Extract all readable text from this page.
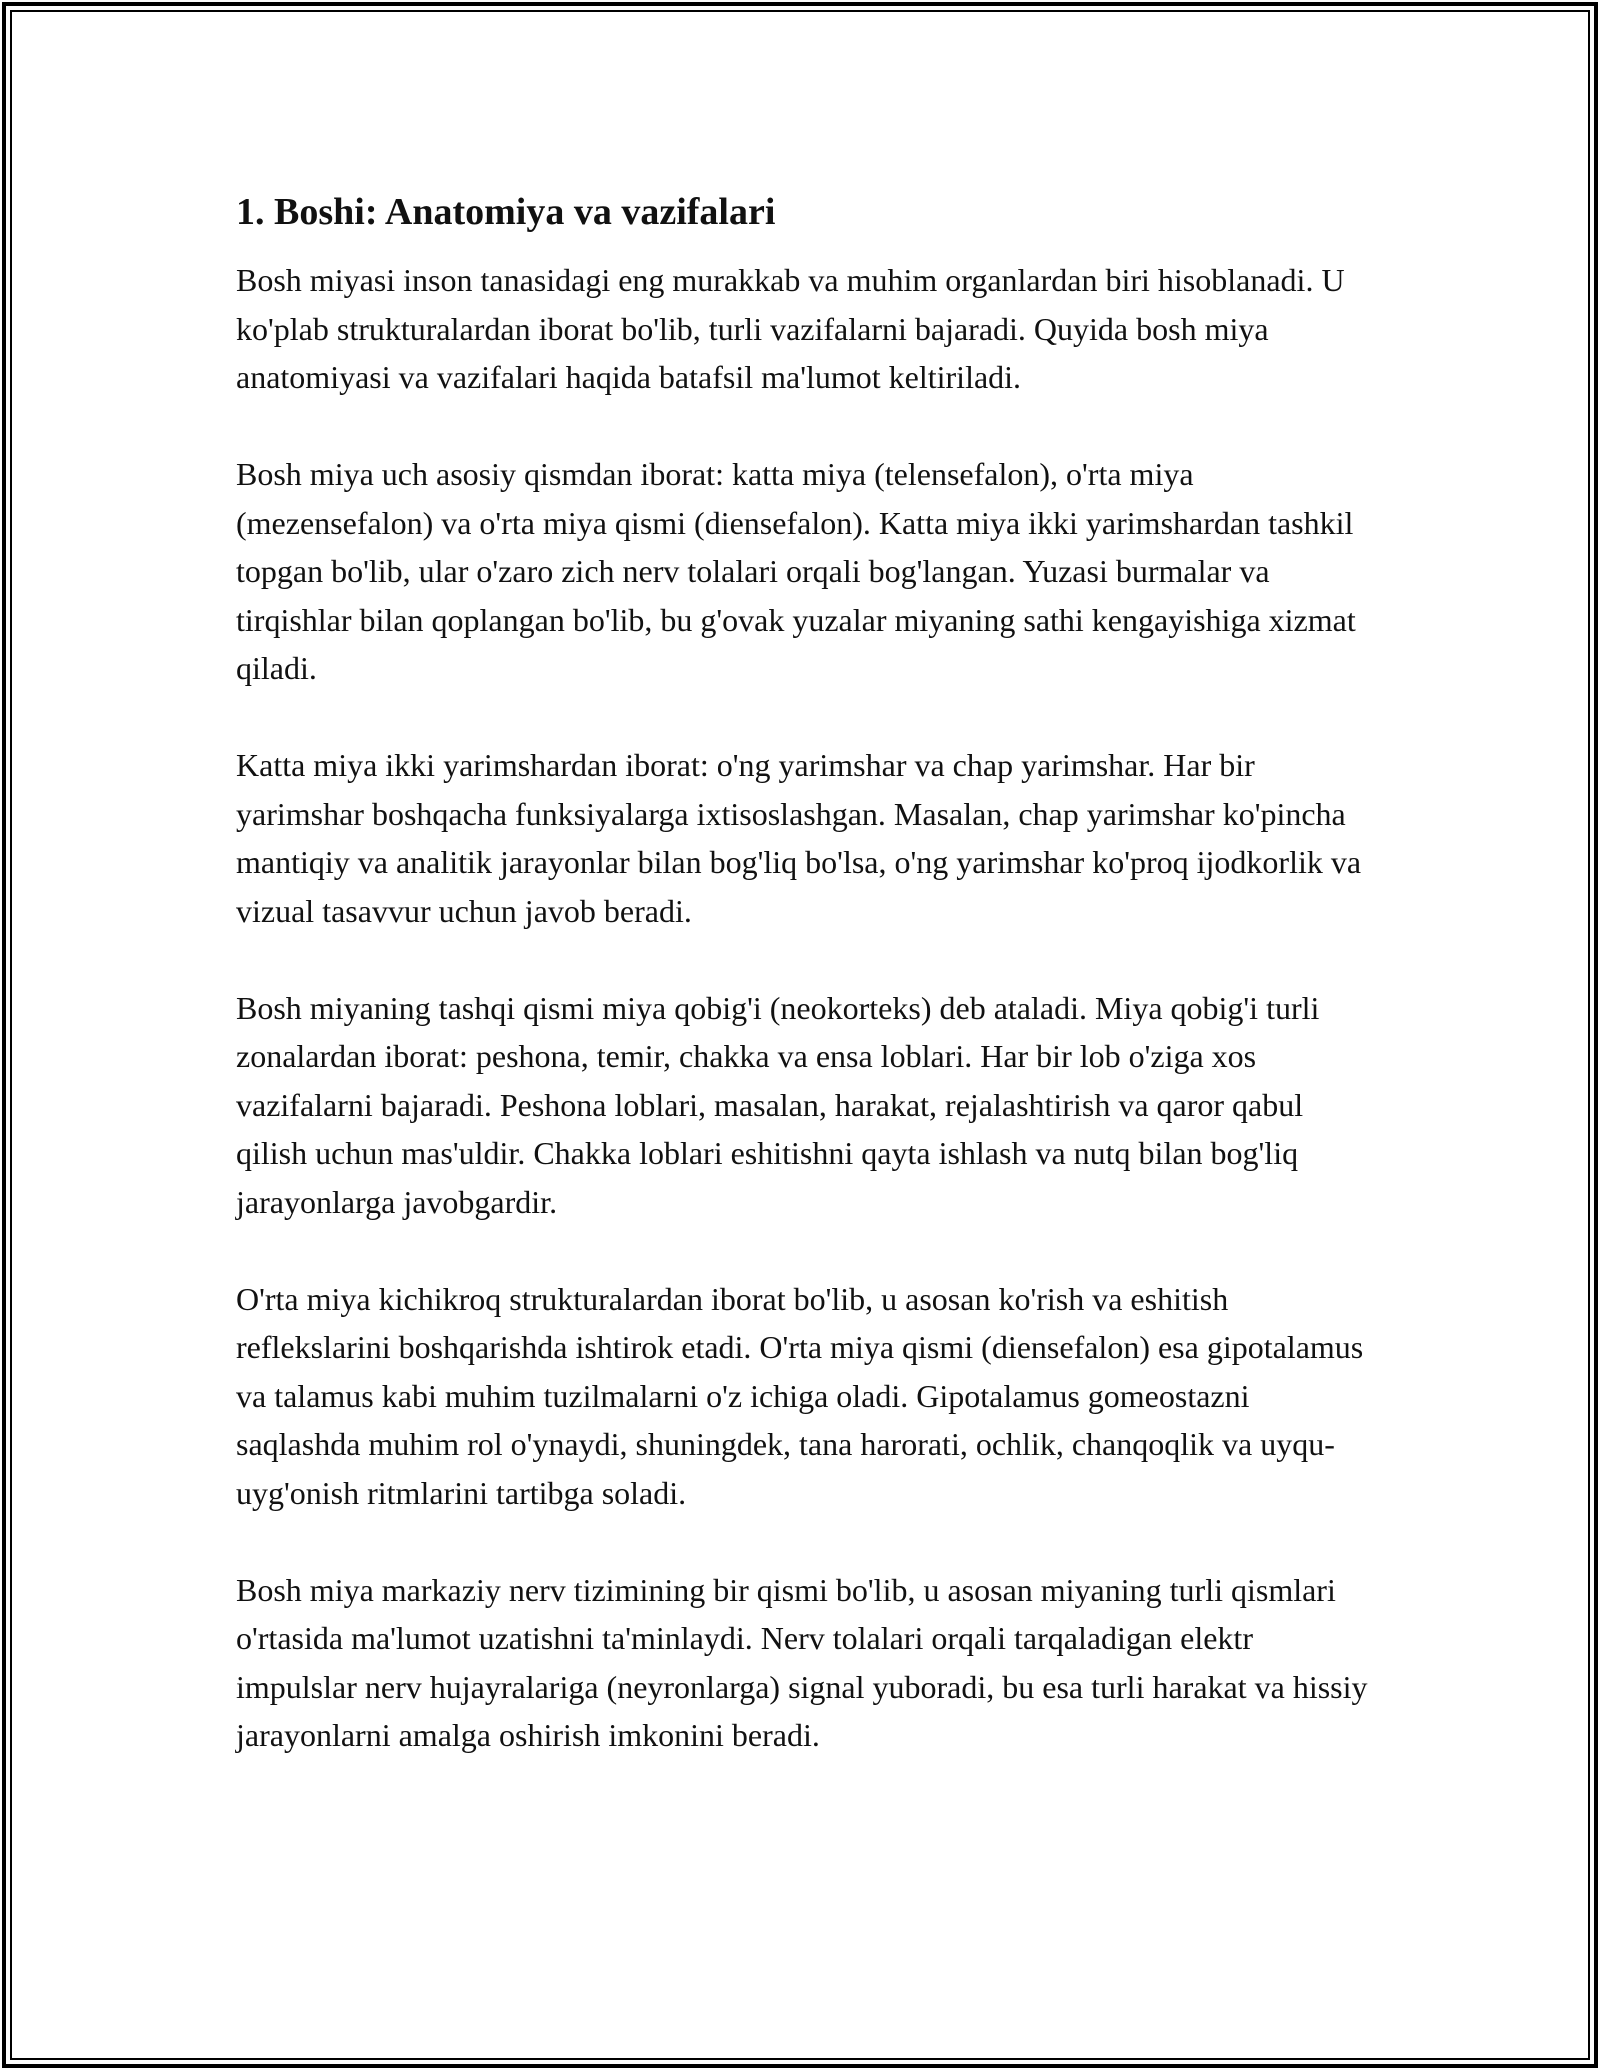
1. Boshi: Anatomiya va vazifalari

Bosh miyasi inson tanasidagi eng murakkab va muhim organlardan biri hisoblanadi. U ko'plab strukturalardan iborat bo'lib, turli vazifalarni bajaradi. Quyida bosh miya anatomiyasi va vazifalari haqida batafsil ma'lumot keltiriladi.

Bosh miya uch asosiy qismdan iborat: katta miya (telensefalon), o'rta miya (mezensefalon) va o'rta miya qismi (diensefalon). Katta miya ikki yarimshardan tashkil topgan bo'lib, ular o'zaro zich nerv tolalari orqali bog'langan. Yuzasi burmalar va tirqishlar bilan qoplangan bo'lib, bu g'ovak yuzalar miyaning sathi kengayishiga xizmat qiladi.

Katta miya ikki yarimshardan iborat: o'ng yarimshar va chap yarimshar. Har bir yarimshar boshqacha funksiyalarga ixtisoslashgan. Masalan, chap yarimshar ko'pincha mantiqiy va analitik jarayonlar bilan bog'liq bo'lsa, o'ng yarimshar ko'proq ijodkorlik va vizual tasavvur uchun javob beradi.

Bosh miyaning tashqi qismi miya qobig'i (neokorteks) deb ataladi. Miya qobig'i turli zonalardan iborat: peshona, temir, chakka va ensa loblari. Har bir lob o'ziga xos vazifalarni bajaradi. Peshona loblari, masalan, harakat, rejalashtirish va qaror qabul qilish uchun mas'uldir. Chakka loblari eshitishni qayta ishlash va nutq bilan bog'liq jarayonlarga javobgardir.

O'rta miya kichikroq strukturalardan iborat bo'lib, u asosan ko'rish va eshitish reflekslarini boshqarishda ishtirok etadi. O'rta miya qismi (diensefalon) esa gipotalamus va talamus kabi muhim tuzilmalarni o'z ichiga oladi. Gipotalamus gomeostazni saqlashda muhim rol o'ynaydi, shuningdek, tana harorati, ochlik, chanqoqlik va uyqu-uyg'onish ritmlarini tartibga soladi.

Bosh miya markaziy nerv tizimining bir qismi bo'lib, u asosan miyaning turli qismlari o'rtasida ma'lumot uzatishni ta'minlaydi. Nerv tolalari orqali tarqaladigan elektr impulslar nerv hujayralariga (neyronlarga) signal yuboradi, bu esa turli harakat va hissiy jarayonlarni amalga oshirish imkonini beradi.
